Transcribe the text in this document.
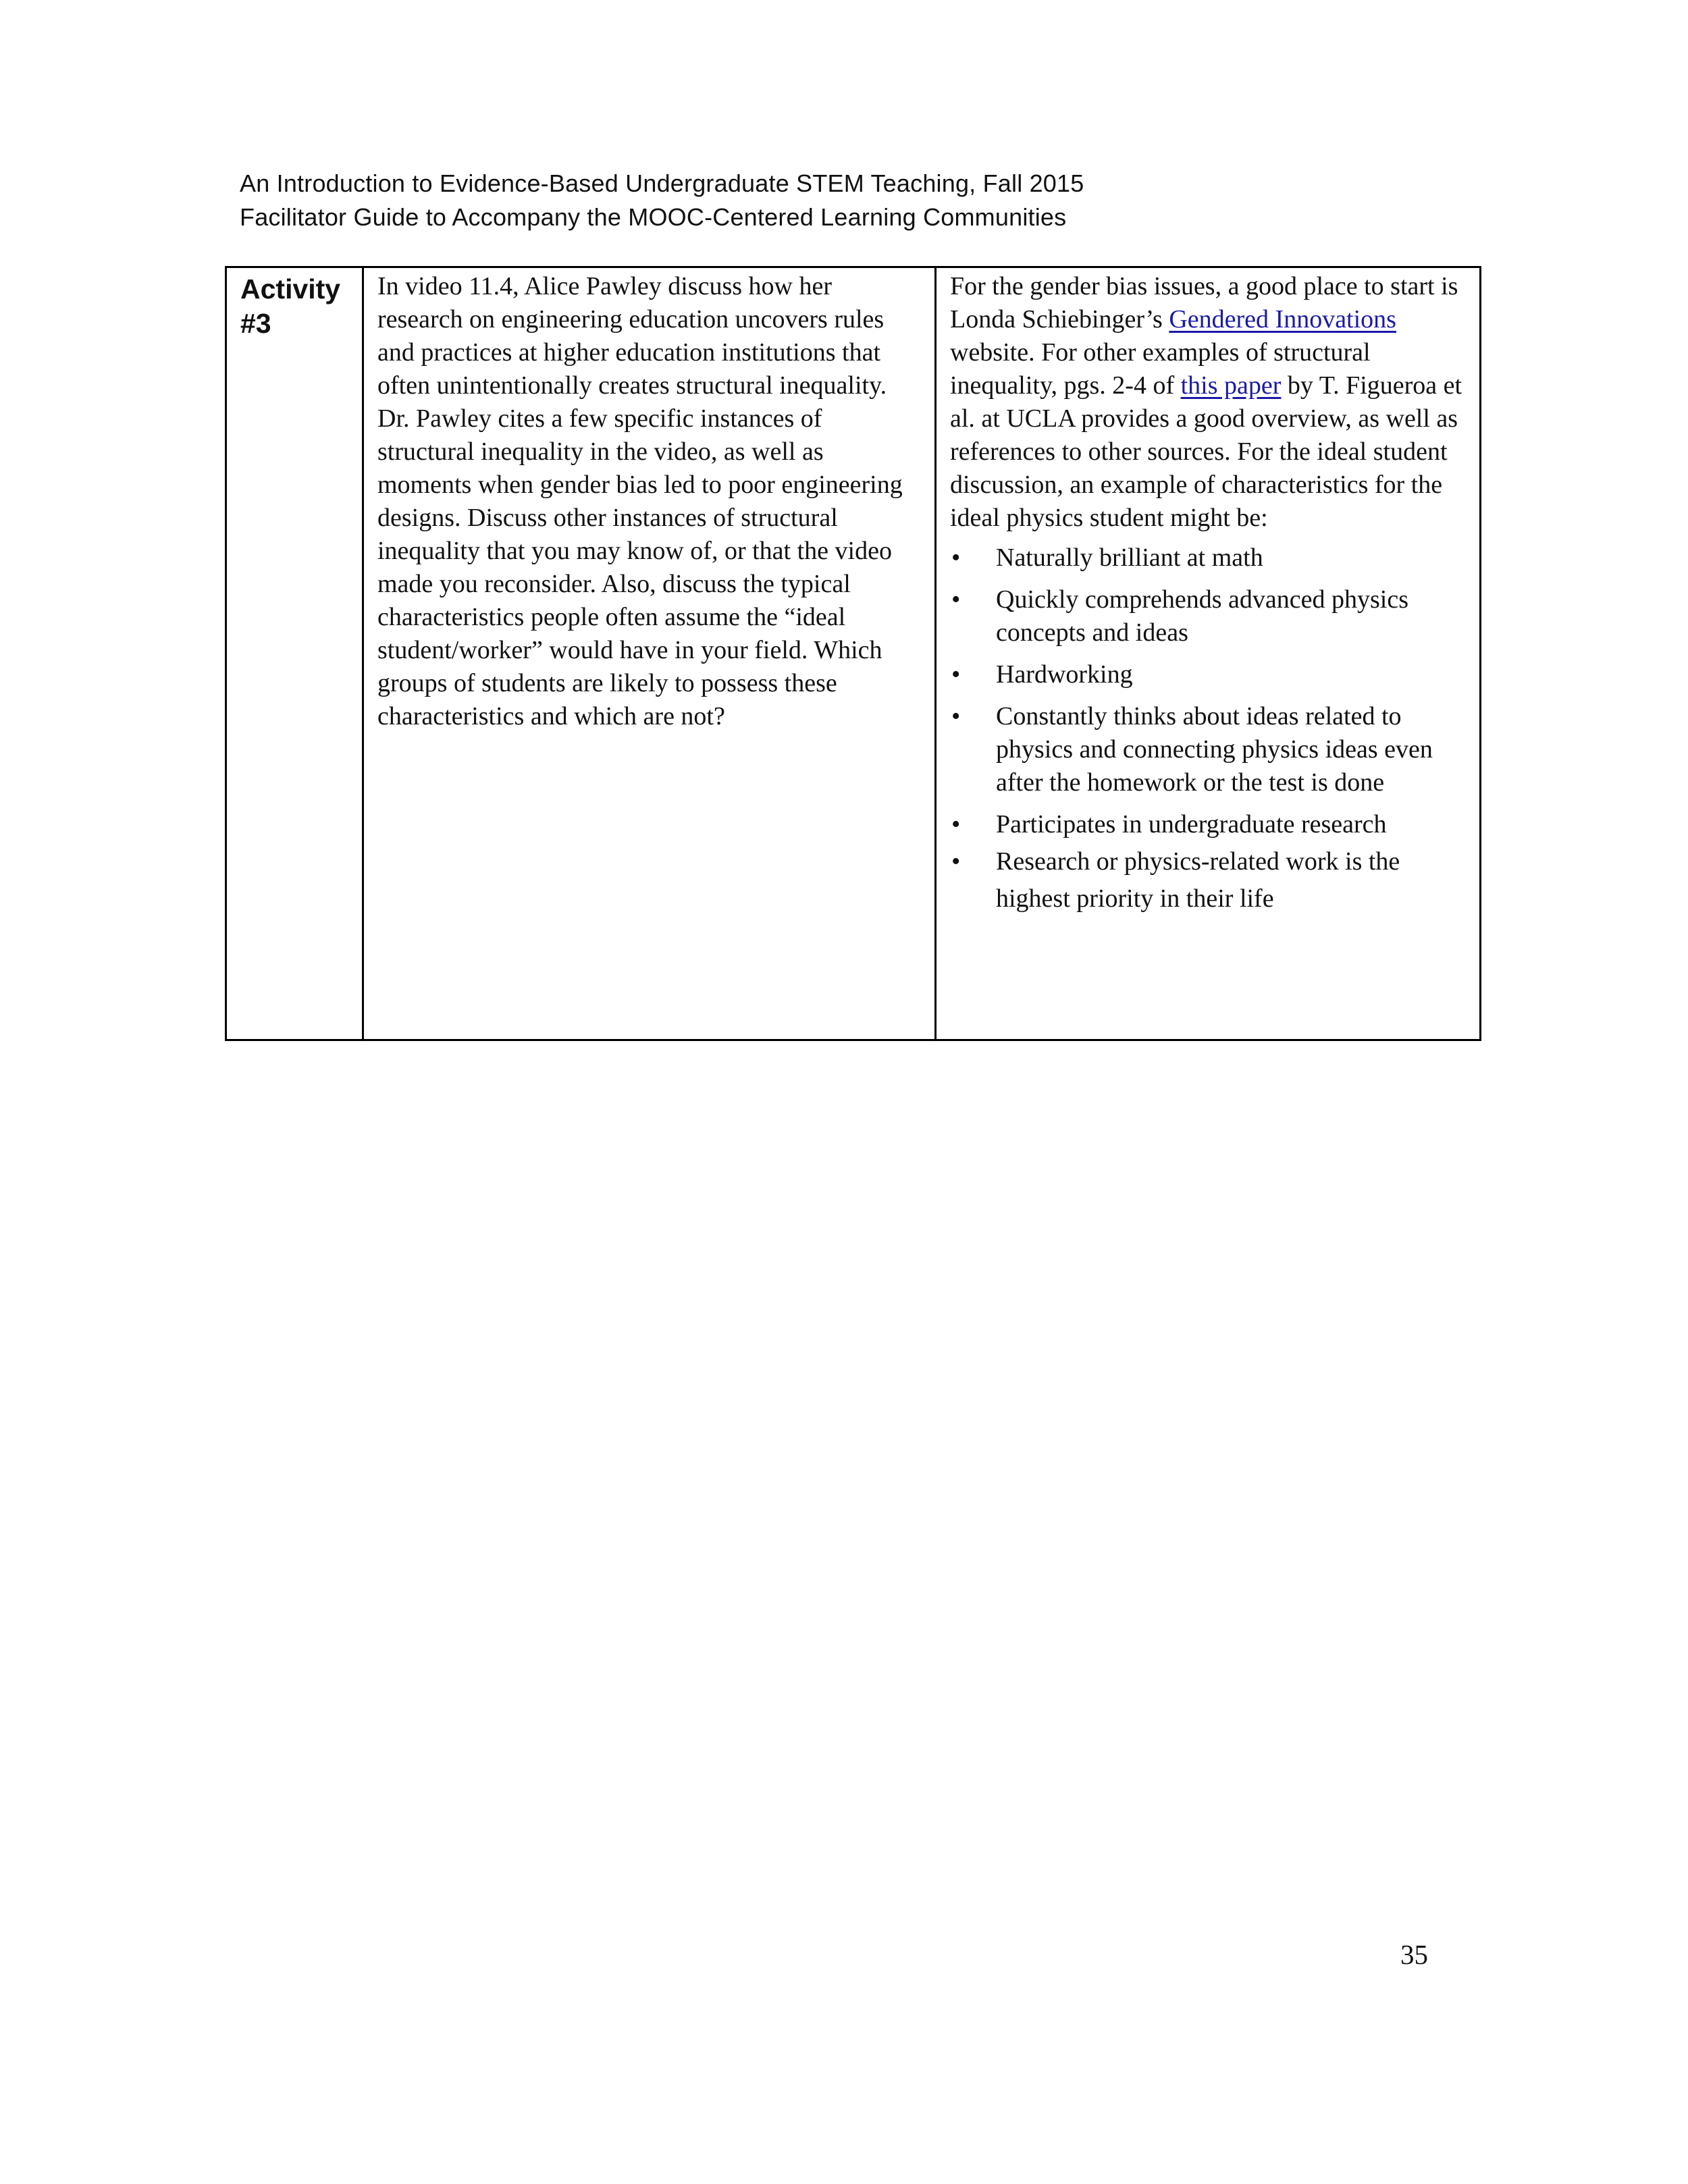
An Introduction to Evidence-Based Undergraduate STEM Teaching, Fall 2015
Facilitator Guide to Accompany the MOOC-Centered Learning Communities
Activity
#3

In video 11.4, Alice Pawley discuss how her research on engineering education uncovers rules and practices at higher education institutions that often unintentionally creates structural inequality. Dr. Pawley cites a few specific instances of structural inequality in the video, as well as moments when gender bias led to poor engineering designs. Discuss other instances of structural inequality that you may know of, or that the video made you reconsider. Also, discuss the typical characteristics people often assume the “ideal student/worker” would have in your field. Which groups of students are likely to possess these characteristics and which are not?

For the gender bias issues, a good place to start is Londa Schiebinger’s Gendered Innovations website. For other examples of structural inequality, pgs. 2-4 of this paper by T. Figueroa et al. at UCLA provides a good overview, as well as references to other sources. For the ideal student discussion, an example of characteristics for the ideal physics student might be:

• Naturally brilliant at math
• Quickly comprehends advanced physics concepts and ideas
• Hardworking
• Constantly thinks about ideas related to physics and connecting physics ideas even after the homework or the test is done
• Participates in undergraduate research
• Research or physics-related work is the highest priority in their life
35
